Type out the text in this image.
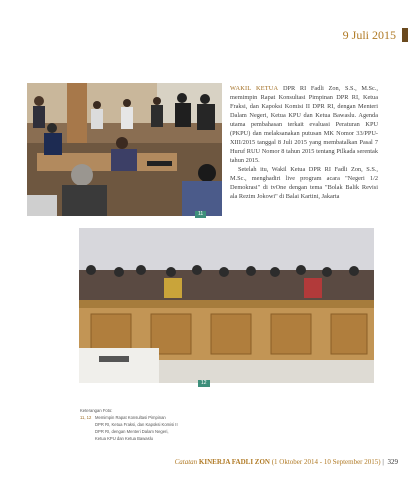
9 Juli 2015
11

WAKIL KETUA DPR RI Fadli Zon, S.S., M.Sc., memimpin Rapat Konsultasi Pimpinan DPR RI, Ketua Fraksi, dan Kapoksi Komisi II DPR RI, dengan Menteri Dalam Negeri, Ketua KPU dan Ketua Bawaslu. Agenda utama pembahasan terkait evaluasi Peraturan KPU (PKPU) dan melaksanakan putusan MK Nomor 33/PPU-XIII/2015 tanggal 8 Juli 2015 yang membatalkan Pasal 7 Huruf RUU Nomor 8 tahun 2015 tentang Pilkada serentak tahun 2015.

Setelah itu, Wakil Ketua DPR RI Fadli Zon, S.S., M.Sc., menghadiri live program acara "Negeri 1/2 Demokrasi" di tvOne dengan tema "Bolak Balik Revisi ala Rezim Jokowi" di Balai Kartini, Jakarta

12
Keterangan Foto:
11, 12 Memimpin Rapat Konsultasi Pimpinan
DPR RI, Ketua Fraksi, dan Kapoksi Komisi II
DPR RI, dengan Menteri Dalam Negeri,
Ketua KPU dan Ketua Bawaslu
Catatan KINERJA FADLI ZON (1 Oktober 2014 - 10 September 2015) | 329
